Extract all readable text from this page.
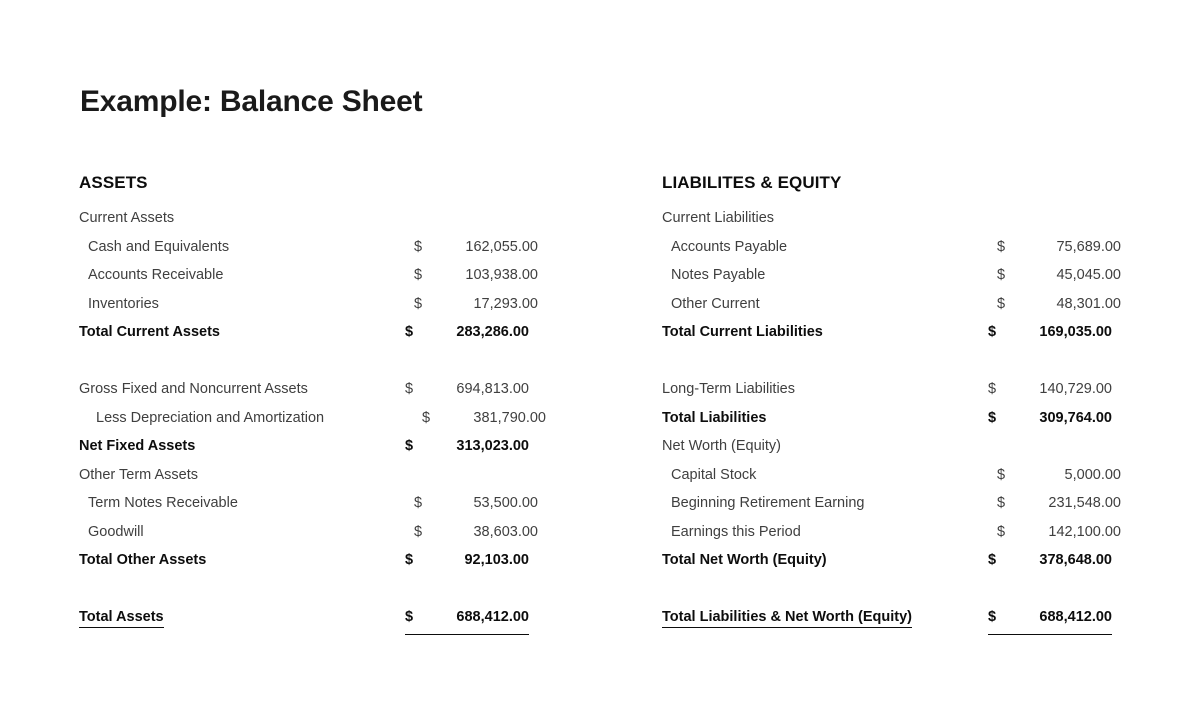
Example: Balance Sheet
ASSETS
Current Assets
Cash and Equivalents	$	162,055.00
Accounts Receivable	$	103,938.00
Inventories	$	17,293.00
Total Current Assets	$	283,286.00
Gross Fixed and Noncurrent Assets	$	694,813.00
Less Depreciation and Amortization	$	381,790.00
Net Fixed Assets	$	313,023.00
Other Term Assets
Term Notes Receivable	$	53,500.00
Goodwill	$	38,603.00
Total Other Assets	$	92,103.00
Total Assets	$	688,412.00
LIABILITES & EQUITY
Current Liabilities
Accounts Payable	$	75,689.00
Notes Payable	$	45,045.00
Other Current	$	48,301.00
Total Current Liabilities	$	169,035.00
Long-Term Liabilities	$	140,729.00
Total Liabilities	$	309,764.00
Net Worth (Equity)
Capital Stock	$	5,000.00
Beginning Retirement Earning	$	231,548.00
Earnings this Period	$	142,100.00
Total Net Worth (Equity)	$	378,648.00
Total Liabilities & Net Worth (Equity)	$	688,412.00
